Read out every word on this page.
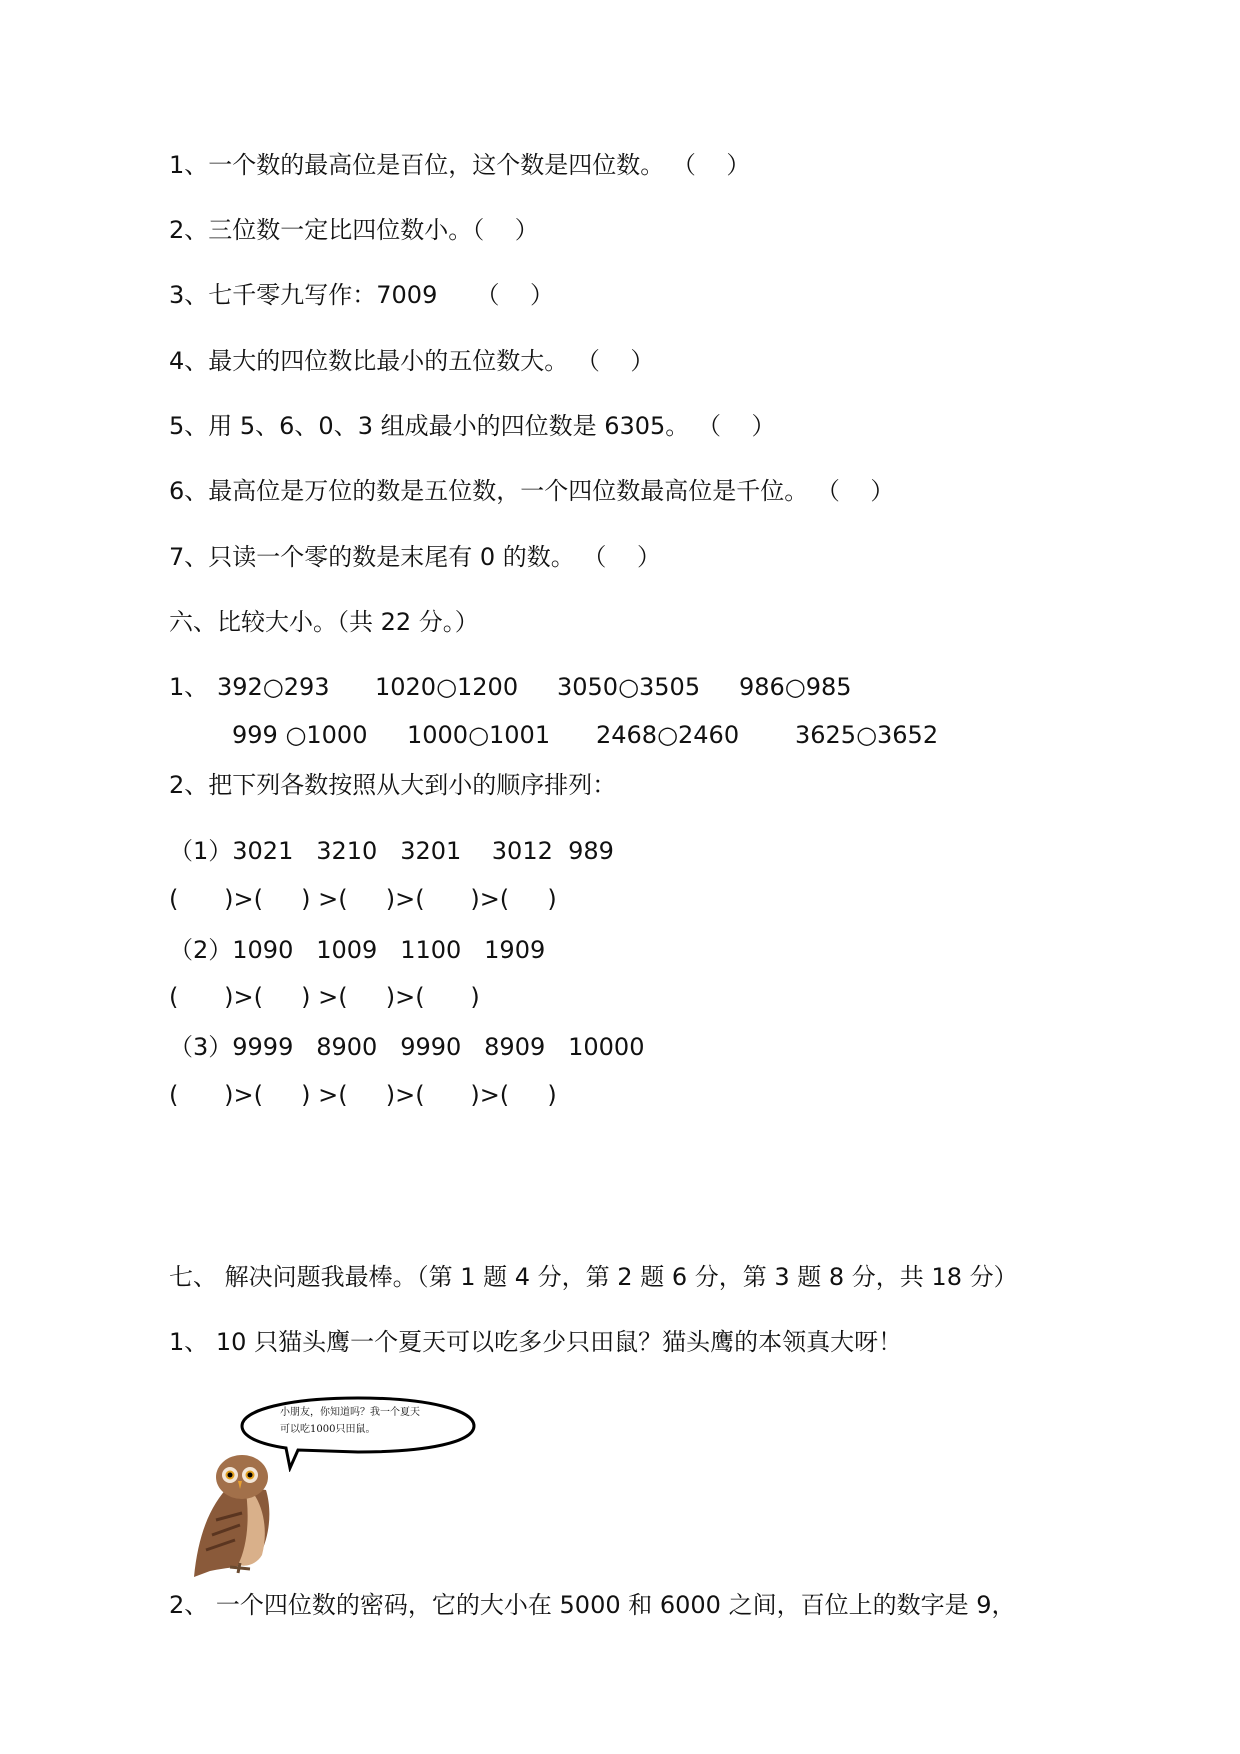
1、一个数的最高位是百位，这个数是四位数。 （    ）
2、三位数一定比四位数小。（    ）
3、七千零九写作：7009     （    ）
4、最大的四位数比最小的五位数大。 （    ）
5、用 5、6、0、3 组成最小的四位数是 6305。 （    ）
6、最高位是万位的数是五位数，一个四位数最高位是千位。 （    ）
7、只读一个零的数是末尾有 0 的数。 （    ）
六、比较大小。（共 22 分。）
1、 392○293 1020○1200 3050○3505 986○985
999 ○1000 1000○1001 2468○2460 3625○3652
2、把下列各数按照从大到小的顺序排列：
（1）3021   3210   3201    3012  989
(      )>(     ) >(     )>(      )>(     )
（2）1090   1009   1100   1909
(      )>(     ) >(     )>(      )
（3）9999   8900   9990   8909   10000
(      )>(     ) >(     )>(      )>(     )
七、 解决问题我最棒。（第 1 题 4 分，第 2 题 6 分，第 3 题 8 分，共 18 分）
1、 10 只猫头鹰一个夏天可以吃多少只田鼠？猫头鹰的本领真大呀！
小朋友，你知道吗？我一个夏天
可以吃1000只田鼠。
2、 一个四位数的密码，它的大小在 5000 和 6000 之间，百位上的数字是 9，
